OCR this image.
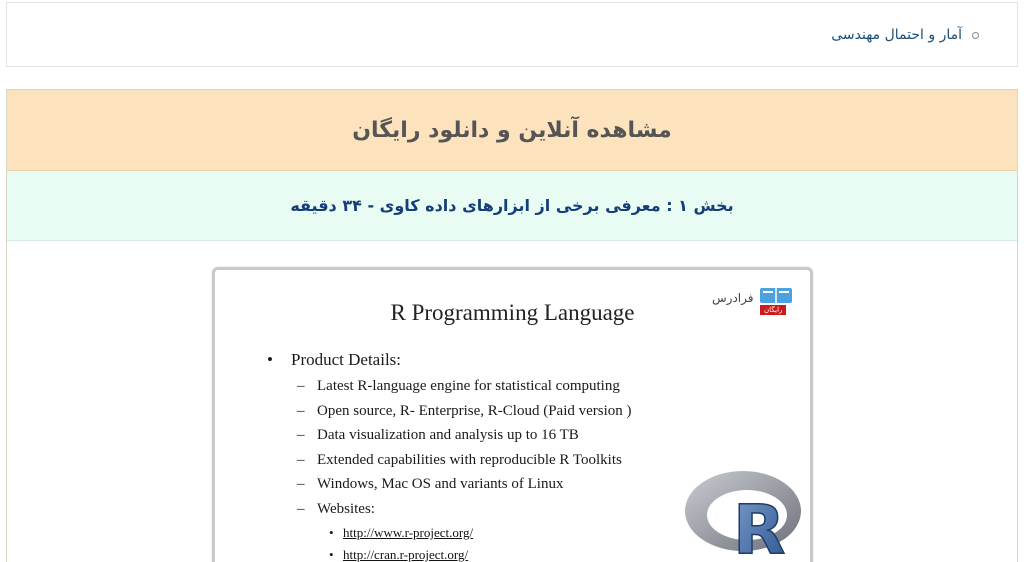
آمار و احتمال مهندسی
مشاهده آنلاین و دانلود رایگان
بخش ۱ : معرفی برخی از ابزارهای داده کاوی - ۳۴ دقیقه
فرادرس
رایگان
R Programming Language
• Product Details:
– Latest R-language engine for statistical computing
– Open source, R- Enterprise, R-Cloud (Paid version )
– Data visualization and analysis up to 16 TB
– Extended capabilities with reproducible R Toolkits
– Windows, Mac OS and variants of Linux
– Websites:
• http://www.r-project.org/
• http://cran.r-project.org/	R
